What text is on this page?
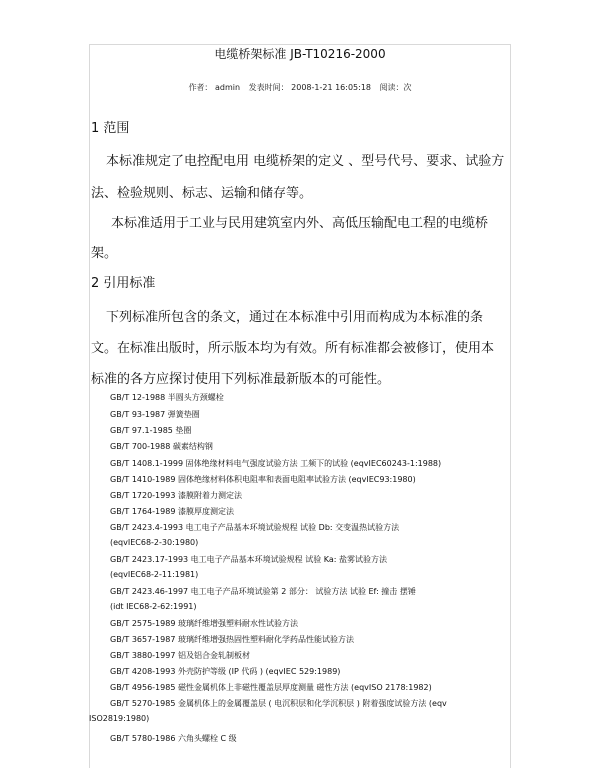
电缆桥架标准 JB-T10216-2000
作者： admin 发表时间： 2008-1-21 16:05:18 阅读：次
1 范围
本标准规定了电控配电用 电缆桥架的定义 、型号代号、要求、试验方
法、检验规则、标志、运输和储存等。
本标准适用于工业与民用建筑室内外、高低压输配电工程的电缆桥
架。
2 引用标准
下列标准所包含的条文，通过在本标准中引用而构成为本标准的条
文。在标准出版时，所示版本均为有效。所有标准都会被修订，使用本
标准的各方应探讨使用下列标准最新版本的可能性。
GB/T 12-1988 半圆头方颈螺栓
GB/T 93-1987 弹簧垫圈
GB/T 97.1-1985 垫圈
GB/T 700-1988 碳素结构钢
GB/T 1408.1-1999 固体绝缘材料电气强度试验方法 工频下的试验 (eqvIEC60243-1:1988)
GB/T 1410-1989 固体绝缘材料体积电阻率和表面电阻率试验方法 (eqvIEC93:1980)
GB/T 1720-1993 漆膜附着力测定法
GB/T 1764-1989 漆膜厚度测定法
GB/T 2423.4-1993 电工电子产品基本环境试验规程 试验 Db: 交变温热试验方法
(eqvIEC68-2-30:1980)
GB/T 2423.17-1993 电工电子产品基本环境试验规程 试验 Ka: 盐雾试验方法
(eqvIEC68-2-11:1981)
GB/T 2423.46-1997 电工电子产品环境试验第 2 部分： 试验方法 试验 Ef: 撞击 摆锤
(idt IEC68-2-62:1991)
GB/T 2575-1989 玻璃纤维增强塑料耐水性试验方法
GB/T 3657-1987 玻璃纤维增强热固性塑料耐化学药品性能试验方法
GB/T 3880-1997 铝及铝合金轧制板材
GB/T 4208-1993 外壳防护等级 (IP 代码 ) (eqvIEC 529:1989)
GB/T 4956-1985 磁性金属机体上非磁性覆盖层厚度测量 磁性方法 (eqvISO 2178:1982)
GB/T 5270-1985 金属机体上的金属覆盖层 ( 电沉积层和化学沉积层 ) 附着强度试验方法 (eqv
ISO2819:1980)
GB/T 5780-1986 六角头螺栓 C 级
